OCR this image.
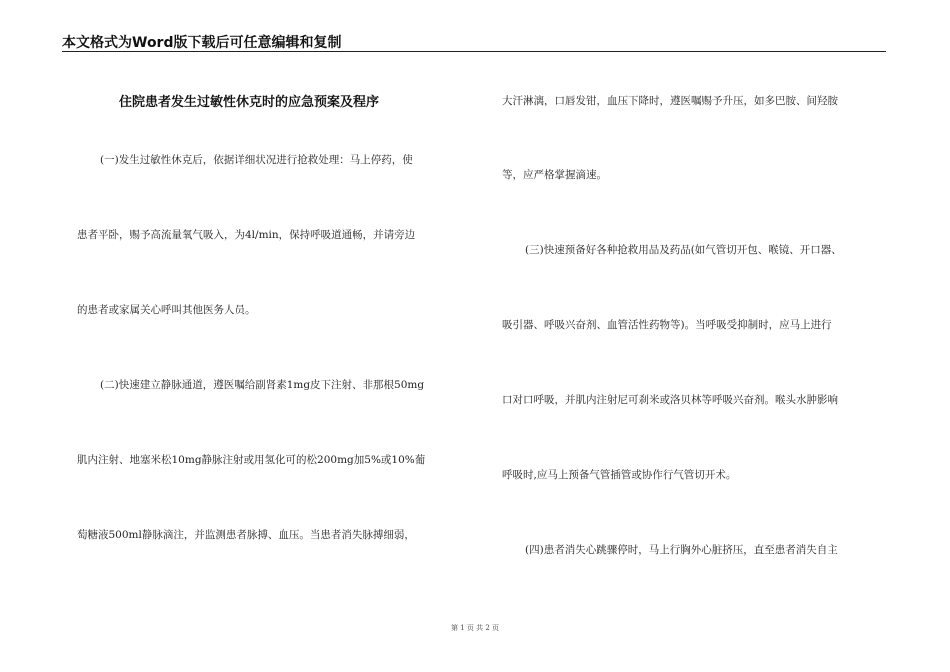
本文格式为Word版下载后可任意编辑和复制
住院患者发生过敏性休克时的应急预案及程序
(一)发生过敏性休克后，依据详细状况进行抢救处理：马上停药，使
患者平卧，赐予高流量氧气吸入，为4l/min，保持呼吸道通畅，并请旁边
的患者或家属关心呼叫其他医务人员。
(二)快速建立静脉通道，遵医嘱给副肾素1mg皮下注射、非那根50mg
肌内注射、地塞米松10mg静脉注射或用氢化可的松200mg加5%或10%葡
萄糖液500ml静脉滴注，并监测患者脉搏、血压。当患者消失脉搏细弱，
大汗淋漓，口唇发钳，血压下降时，遵医嘱赐予升压，如多巴胺、间羟胺
等，应严格掌握滴速。
(三)快速预备好各种抢救用品及药品(如气管切开包、喉镜、开口器、
吸引器、呼吸兴奋剂、血管活性药物等)。当呼吸受抑制时，应马上进行
口对口呼吸，并肌内注射尼可刹米或洛贝林等呼吸兴奋剂。喉头水肿影响
呼吸时,应马上预备气管插管或协作行气管切开术。
(四)患者消失心跳骤停时，马上行胸外心脏挤压，直至患者消失自主
第 1 页 共 2 页
